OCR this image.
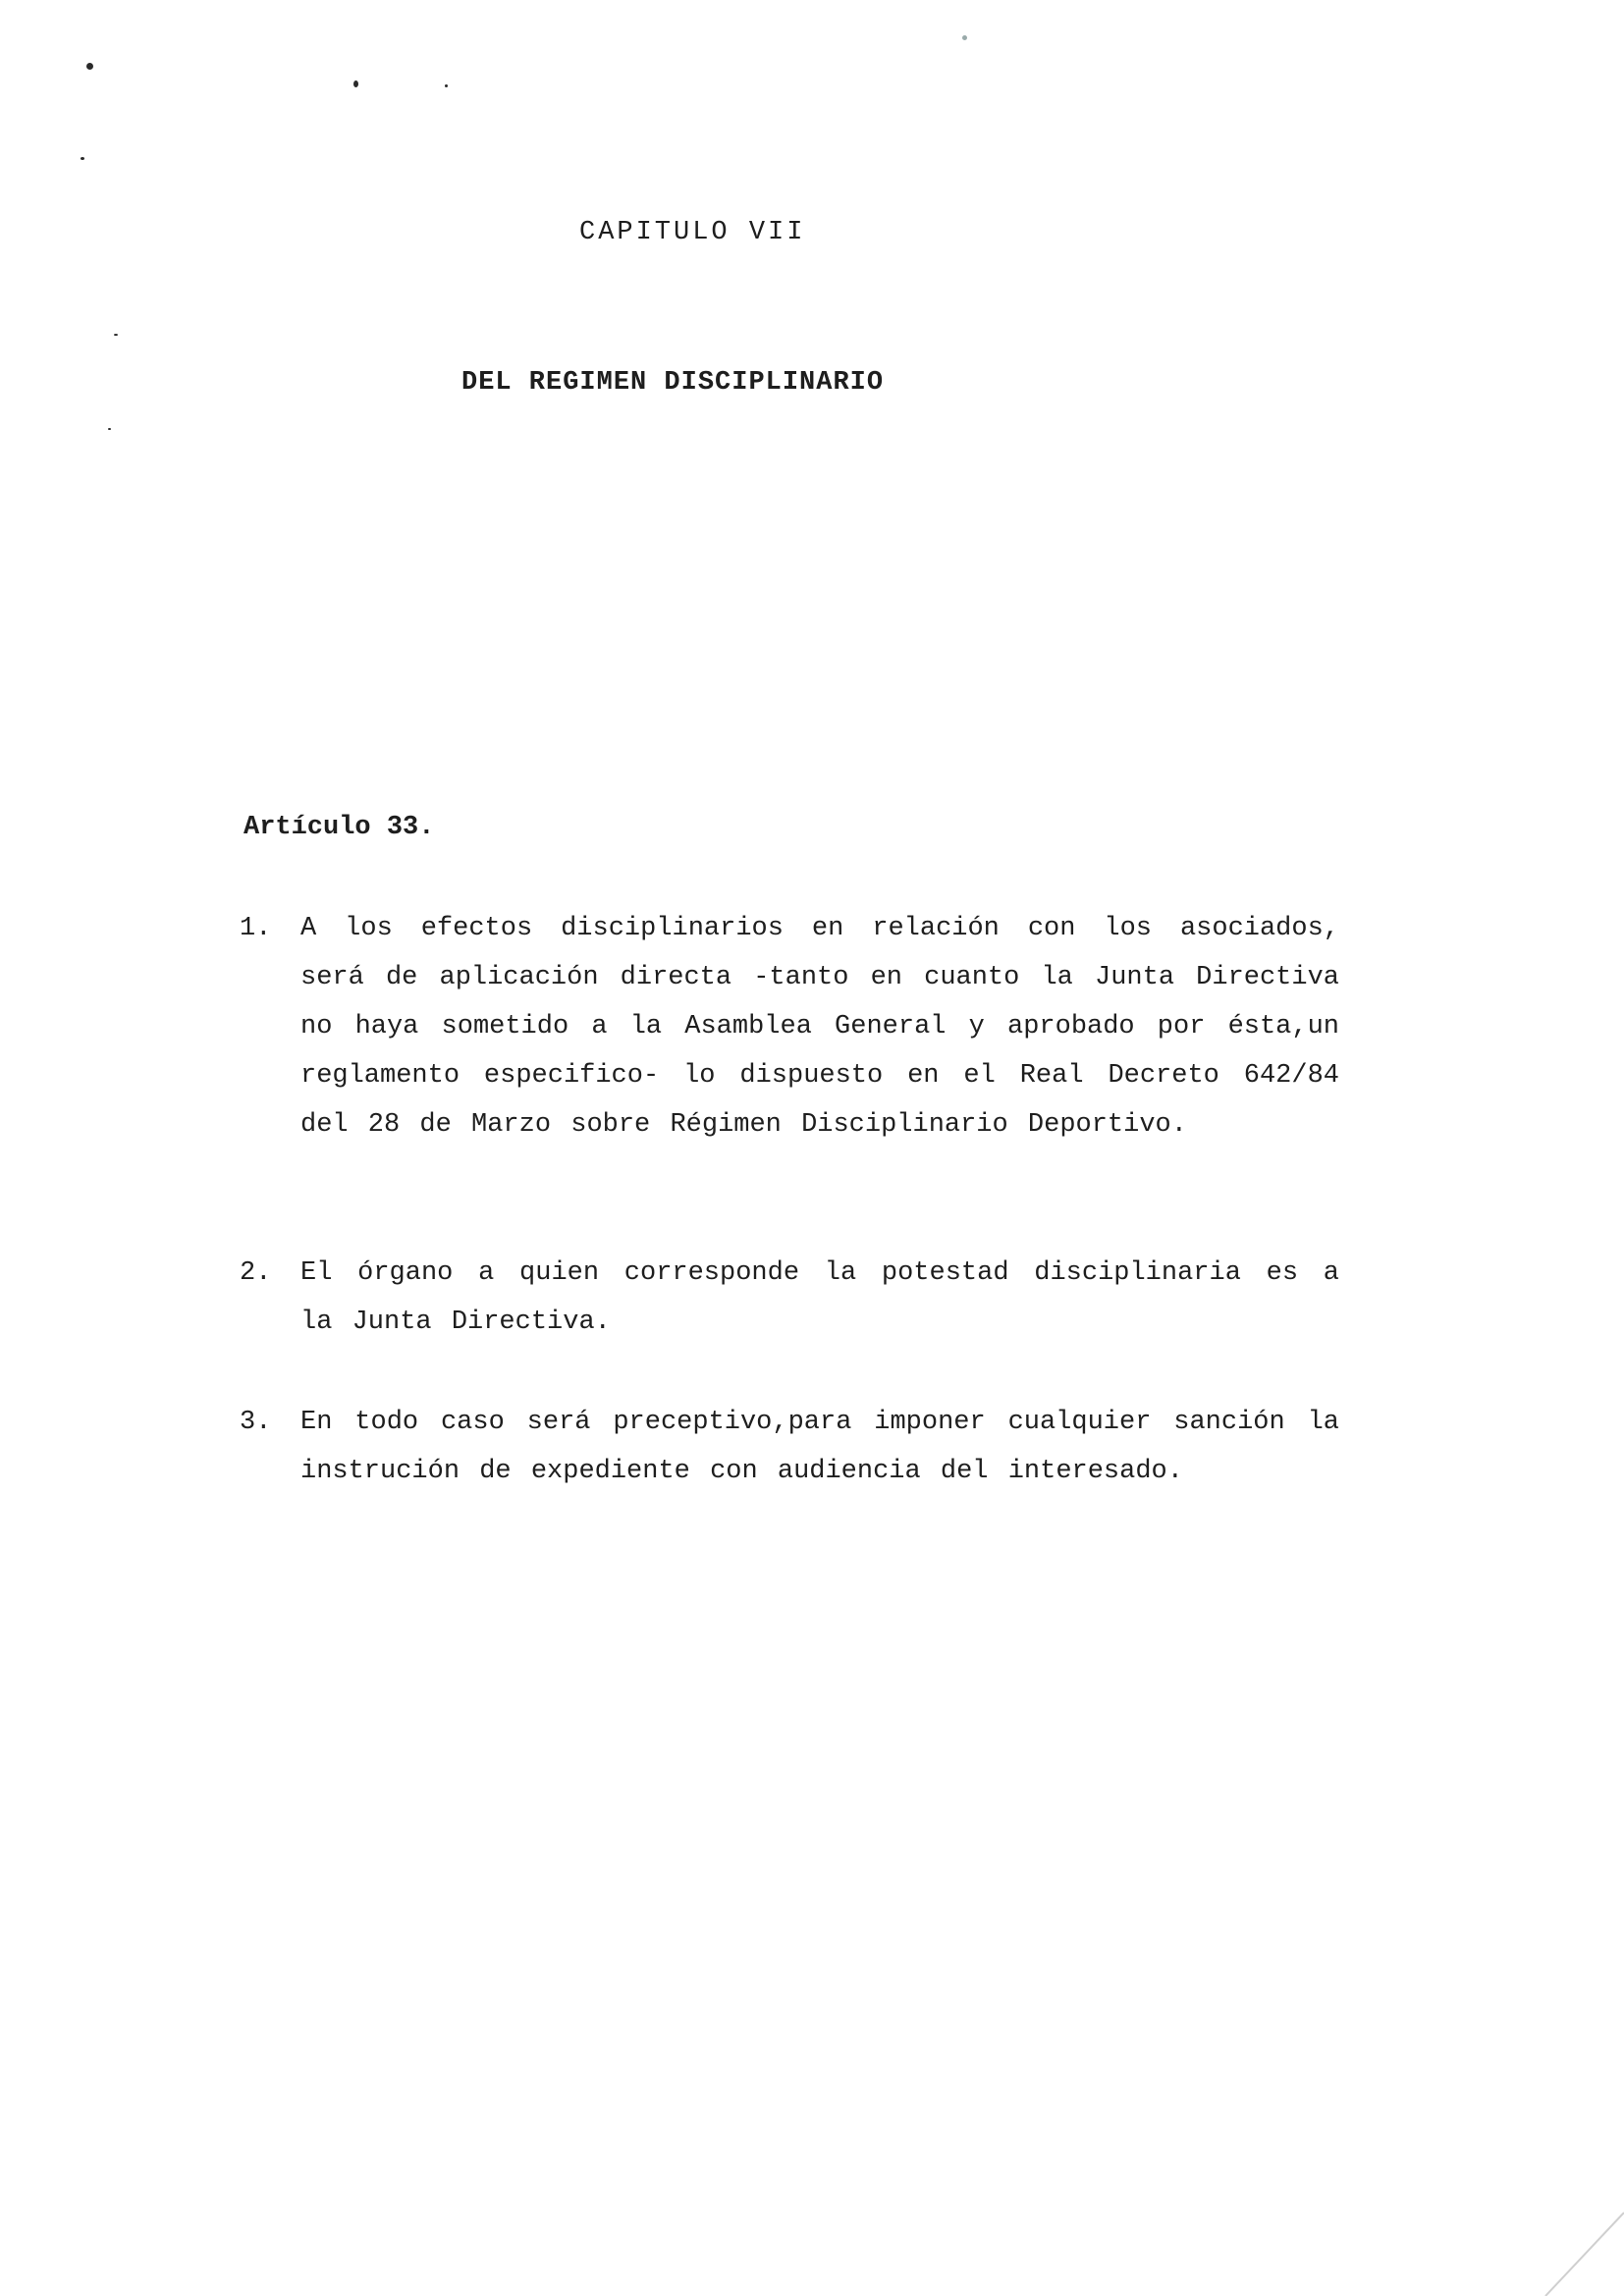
CAPITULO VII
DEL REGIMEN DISCIPLINARIO
Artículo 33.
1.	A los efectos disciplinarios en relación con los asociados, será de aplicación directa -tanto en cuanto la Junta Directiva no haya sometido a la Asamblea General y aprobado por ésta,un reglamento especifico- lo dispuesto en el Real Decreto 642/84 del 28 de Marzo sobre Régimen Disciplinario Deportivo.
2.	El órgano a quien corresponde la potestad disciplinaria es a la Junta Directiva.
3.	En todo caso será preceptivo,para imponer cualquier sanción la instrución de expediente con audiencia del interesado.
